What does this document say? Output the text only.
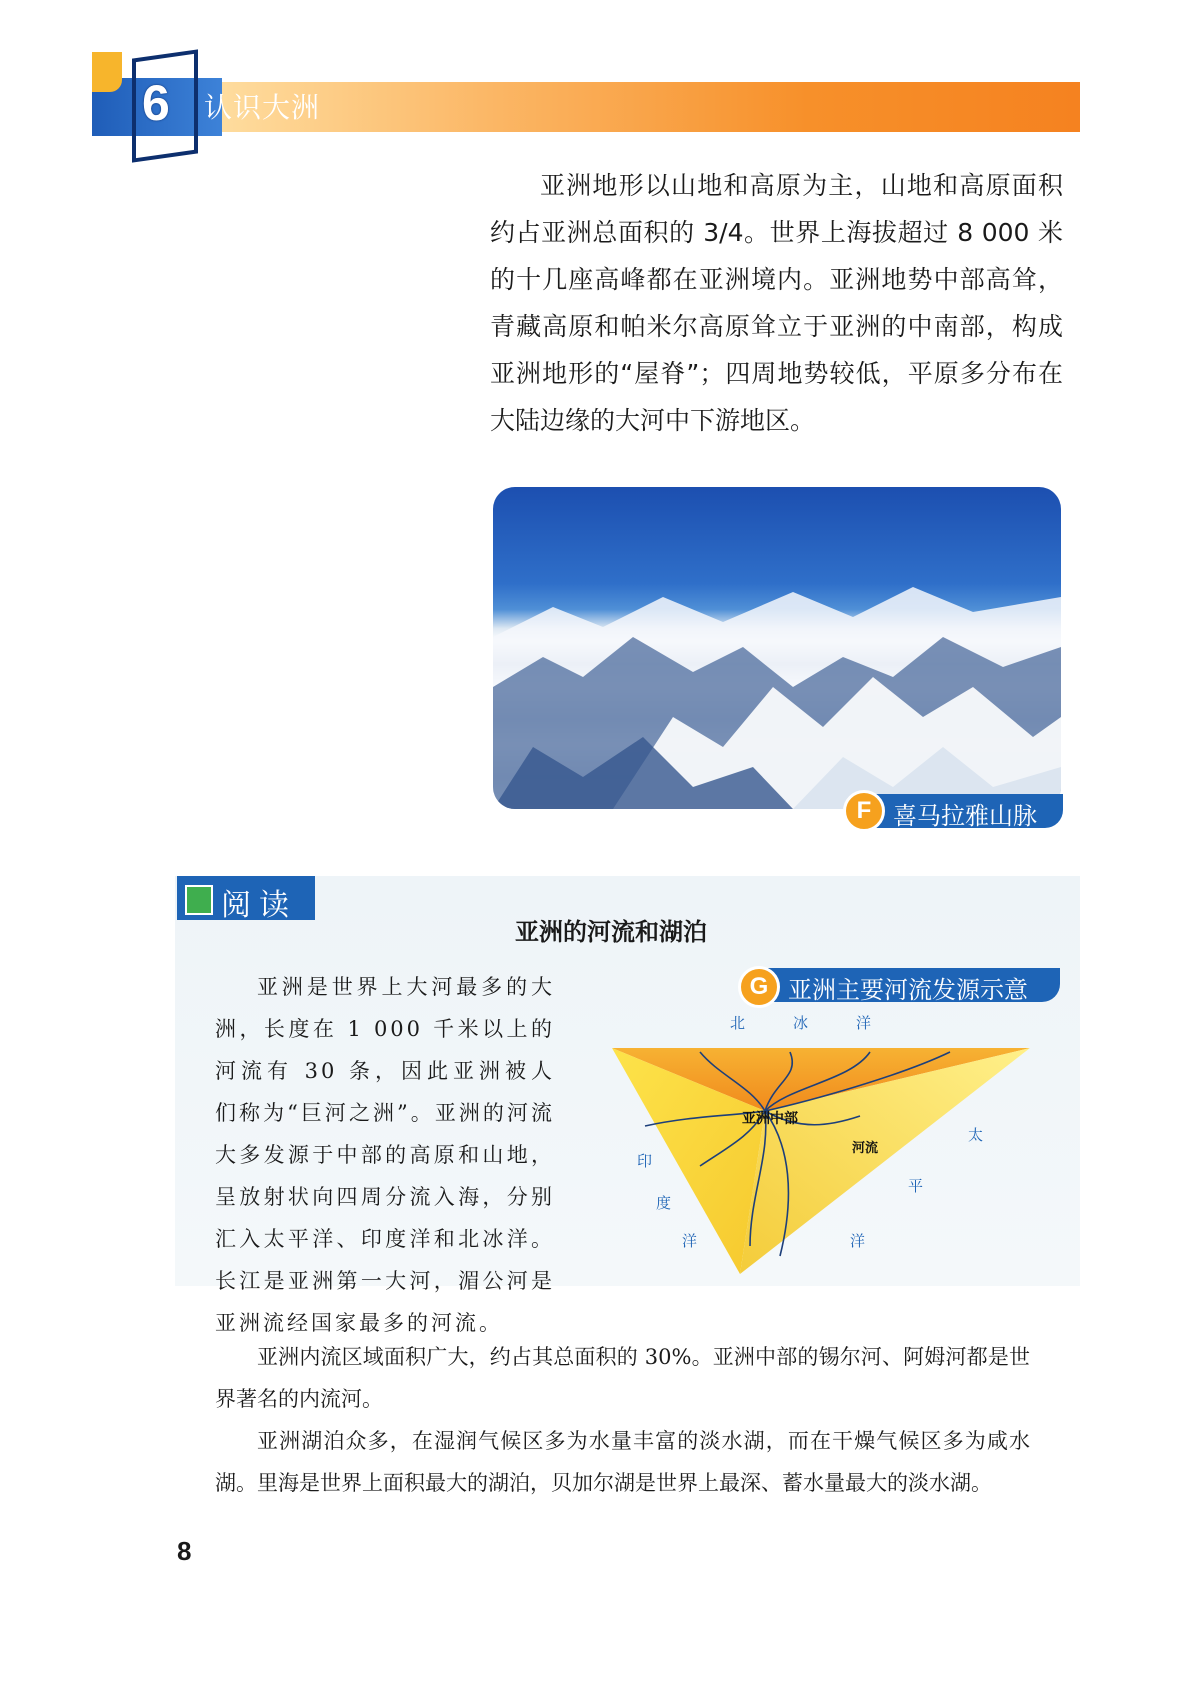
6 认识大洲

亚洲地形以山地和高原为主，山地和高原面积约占亚洲总面积的 3/4。世界上海拔超过 8 000 米的十几座高峰都在亚洲境内。亚洲地势中部高耸，青藏高原和帕米尔高原耸立于亚洲的中南部，构成亚洲地形的“屋脊”；四周地势较低，平原多分布在大陆边缘的大河中下游地区。

F 喜马拉雅山脉
阅读
亚洲的河流和湖泊

亚洲是世界上大河最多的大洲，长度在 1 000 千米以上的河流有 30 条，因此亚洲被人们称为“巨河之洲”。亚洲的河流大多发源于中部的高原和山地，呈放射状向四周分流入海，分别汇入太平洋、印度洋和北冰洋。长江是亚洲第一大河，湄公河是亚洲流经国家最多的河流。

G 亚洲主要河流发源示意
北	冰	洋
印
度
洋
太
平
洋
亚洲中部
河流

亚洲内流区域面积广大，约占其总面积的 30%。亚洲中部的锡尔河、阿姆河都是世界著名的内流河。

亚洲湖泊众多，在湿润气候区多为水量丰富的淡水湖，而在干燥气候区多为咸水湖。里海是世界上面积最大的湖泊，贝加尔湖是世界上最深、蓄水量最大的淡水湖。

8
